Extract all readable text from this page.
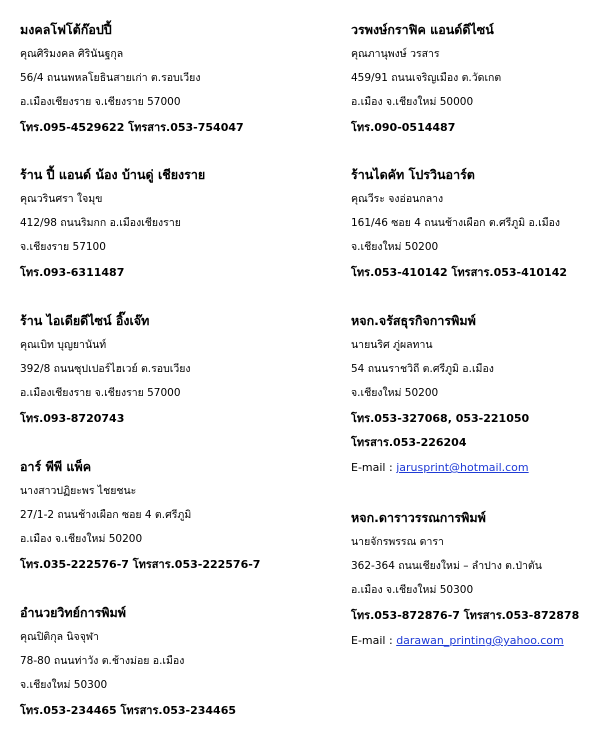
มงคลโฟโต้ก๊อปปี้
คุณศิริมงคล ศิรินันฐกุล
56/4 ถนนพหลโยธินสายเก่า ต.รอบเวียง
อ.เมืองเชียงราย จ.เชียงราย 57000
โทร.095-4529622 โทรสาร.053-754047
ร้าน ปี้ แอนด์ น้อง บ้านดู่ เชียงราย
คุณวรินศรา ใจมุข
412/98 ถนนริมกก อ.เมืองเชียงราย
จ.เชียงราย 57100
โทร.093-6311487
ร้าน ไอเดียดีไซน์ อิ๊งเจ๊ท
คุณเบิท บุญยานันท์
392/8 ถนนซุปเปอร์ไฮเวย์ ต.รอบเวียง
อ.เมืองเชียงราย จ.เชียงราย 57000
โทร.093-8720743
อาร์ พีพี แพ็ค
นางสาวปฏิยะพร ไชยชนะ
27/1-2 ถนนช้างเผือก ซอย 4 ต.ศรีภูมิ
อ.เมือง จ.เชียงใหม่ 50200
โทร.035-222576-7 โทรสาร.053-222576-7
อำนวยวิทย์การพิมพ์
คุณปิติกุล นิจจุฬา
78-80 ถนนท่าวัง ต.ช้างม่อย อ.เมือง
จ.เชียงใหม่ 50300
โทร.053-234465 โทรสาร.053-234465
วรพงษ์กราฟิค แอนด์ดีไซน์
คุณภานุพงษ์ วรสาร
459/91 ถนนเจริญเมือง ต.วัดเกต
อ.เมือง จ.เชียงใหม่ 50000
โทร.090-0514487
ร้านไดคัท โปรวินอาร์ต
คุณวีระ จงอ่อนกลาง
161/46 ซอย 4 ถนนช้างเผือก ต.ศรีภูมิ อ.เมือง
จ.เชียงใหม่ 50200
โทร.053-410142 โทรสาร.053-410142
หจก.จรัสธุรกิจการพิมพ์
นายนริศ ภู่ผลทาน
54 ถนนราชวิถี ต.ศรีภูมิ อ.เมือง
จ.เชียงใหม่ 50200
โทร.053-327068, 053-221050
โทรสาร.053-226204
E-mail : jarusprint@hotmail.com
หจก.ดาราวรรณการพิมพ์
นายจักรพรรณ ดารา
362-364 ถนนเชียงใหม่ – ลำปาง ต.ป่าตัน
อ.เมือง จ.เชียงใหม่ 50300
โทร.053-872876-7 โทรสาร.053-872878
E-mail : darawan_printing@yahoo.com
